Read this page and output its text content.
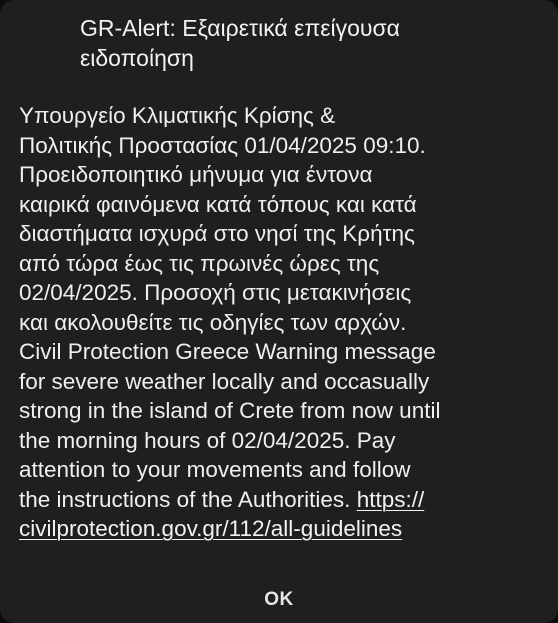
GR-Alert: Εξαιρετικά επείγουσα
ειδοποίηση
Υπουργείο Κλιματικής Κρίσης &
Πολιτικής Προστασίας 01/04/2025 09:10.
Προειδοποιητικό μήνυμα για έντονα
καιρικά φαινόμενα κατά τόπους και κατά
διαστήματα ισχυρά στο νησί της Κρήτης
από τώρα έως τις πρωινές ώρες της
02/04/2025. Προσοχή στις μετακινήσεις
και ακολουθείτε τις οδηγίες των αρχών.
Civil Protection Greece Warning message
for severe weather locally and occasually
strong in the island of Crete from now until
the morning hours of 02/04/2025. Pay
attention to your movements and follow
the instructions of the Authorities. https://
civilprotection.gov.gr/112/all-guidelines
OK
